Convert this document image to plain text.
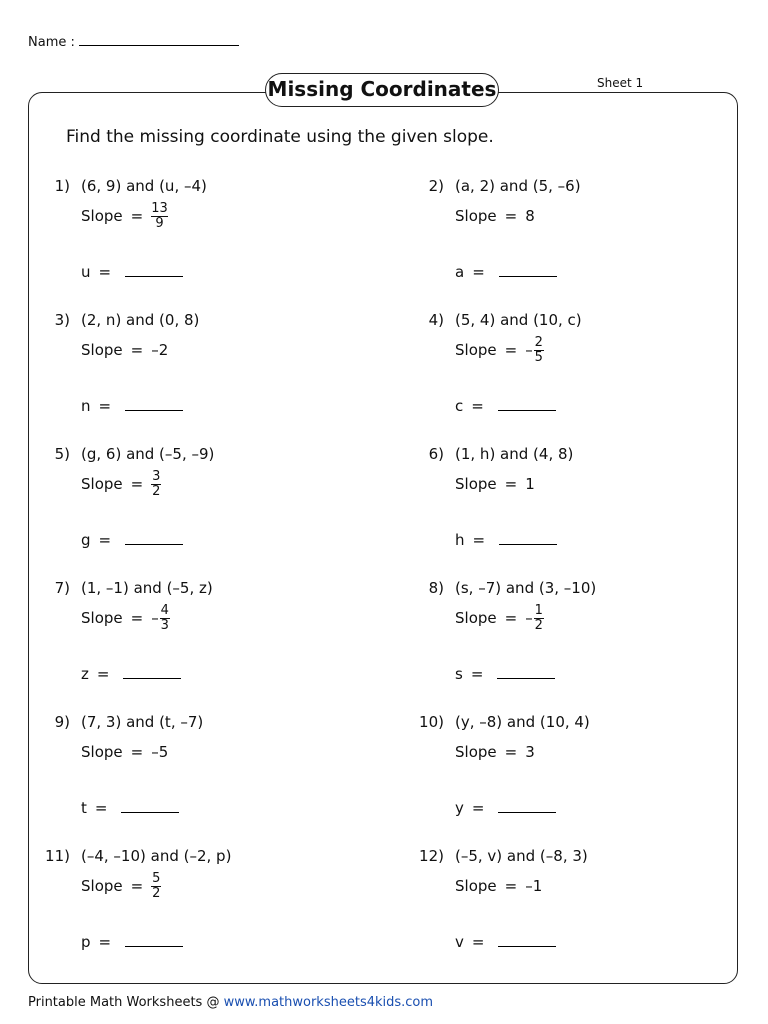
Name :
Missing Coordinates	Sheet 1
Find the missing coordinate using the given slope.
1) (6, 9) and (u, –4)
Slope = $\frac{13}{9}$
u =
2) (a, 2) and (5, –6)
Slope = 8
a =
3) (2, n) and (0, 8)
Slope = –2
n =
4) (5, 4) and (10, c)
Slope = – $\frac{2}{5}$
c =
5) (g, 6) and (–5, –9)
Slope = $\frac{3}{2}$
g =
6) (1, h) and (4, 8)
Slope = 1
h =
7) (1, –1) and (–5, z)
Slope = – $\frac{4}{3}$
z =
8) (s, –7) and (3, –10)
Slope = – $\frac{1}{2}$
s =
9) (7, 3) and (t, –7)
Slope = –5
t =
10) (y, –8) and (10, 4)
Slope = 3
y =
11) (–4, –10) and (–2, p)
Slope = $\frac{5}{2}$
p =
12) (–5, v) and (–8, 3)
Slope = –1
v =
Printable Math Worksheets @ www.mathworksheets4kids.com
